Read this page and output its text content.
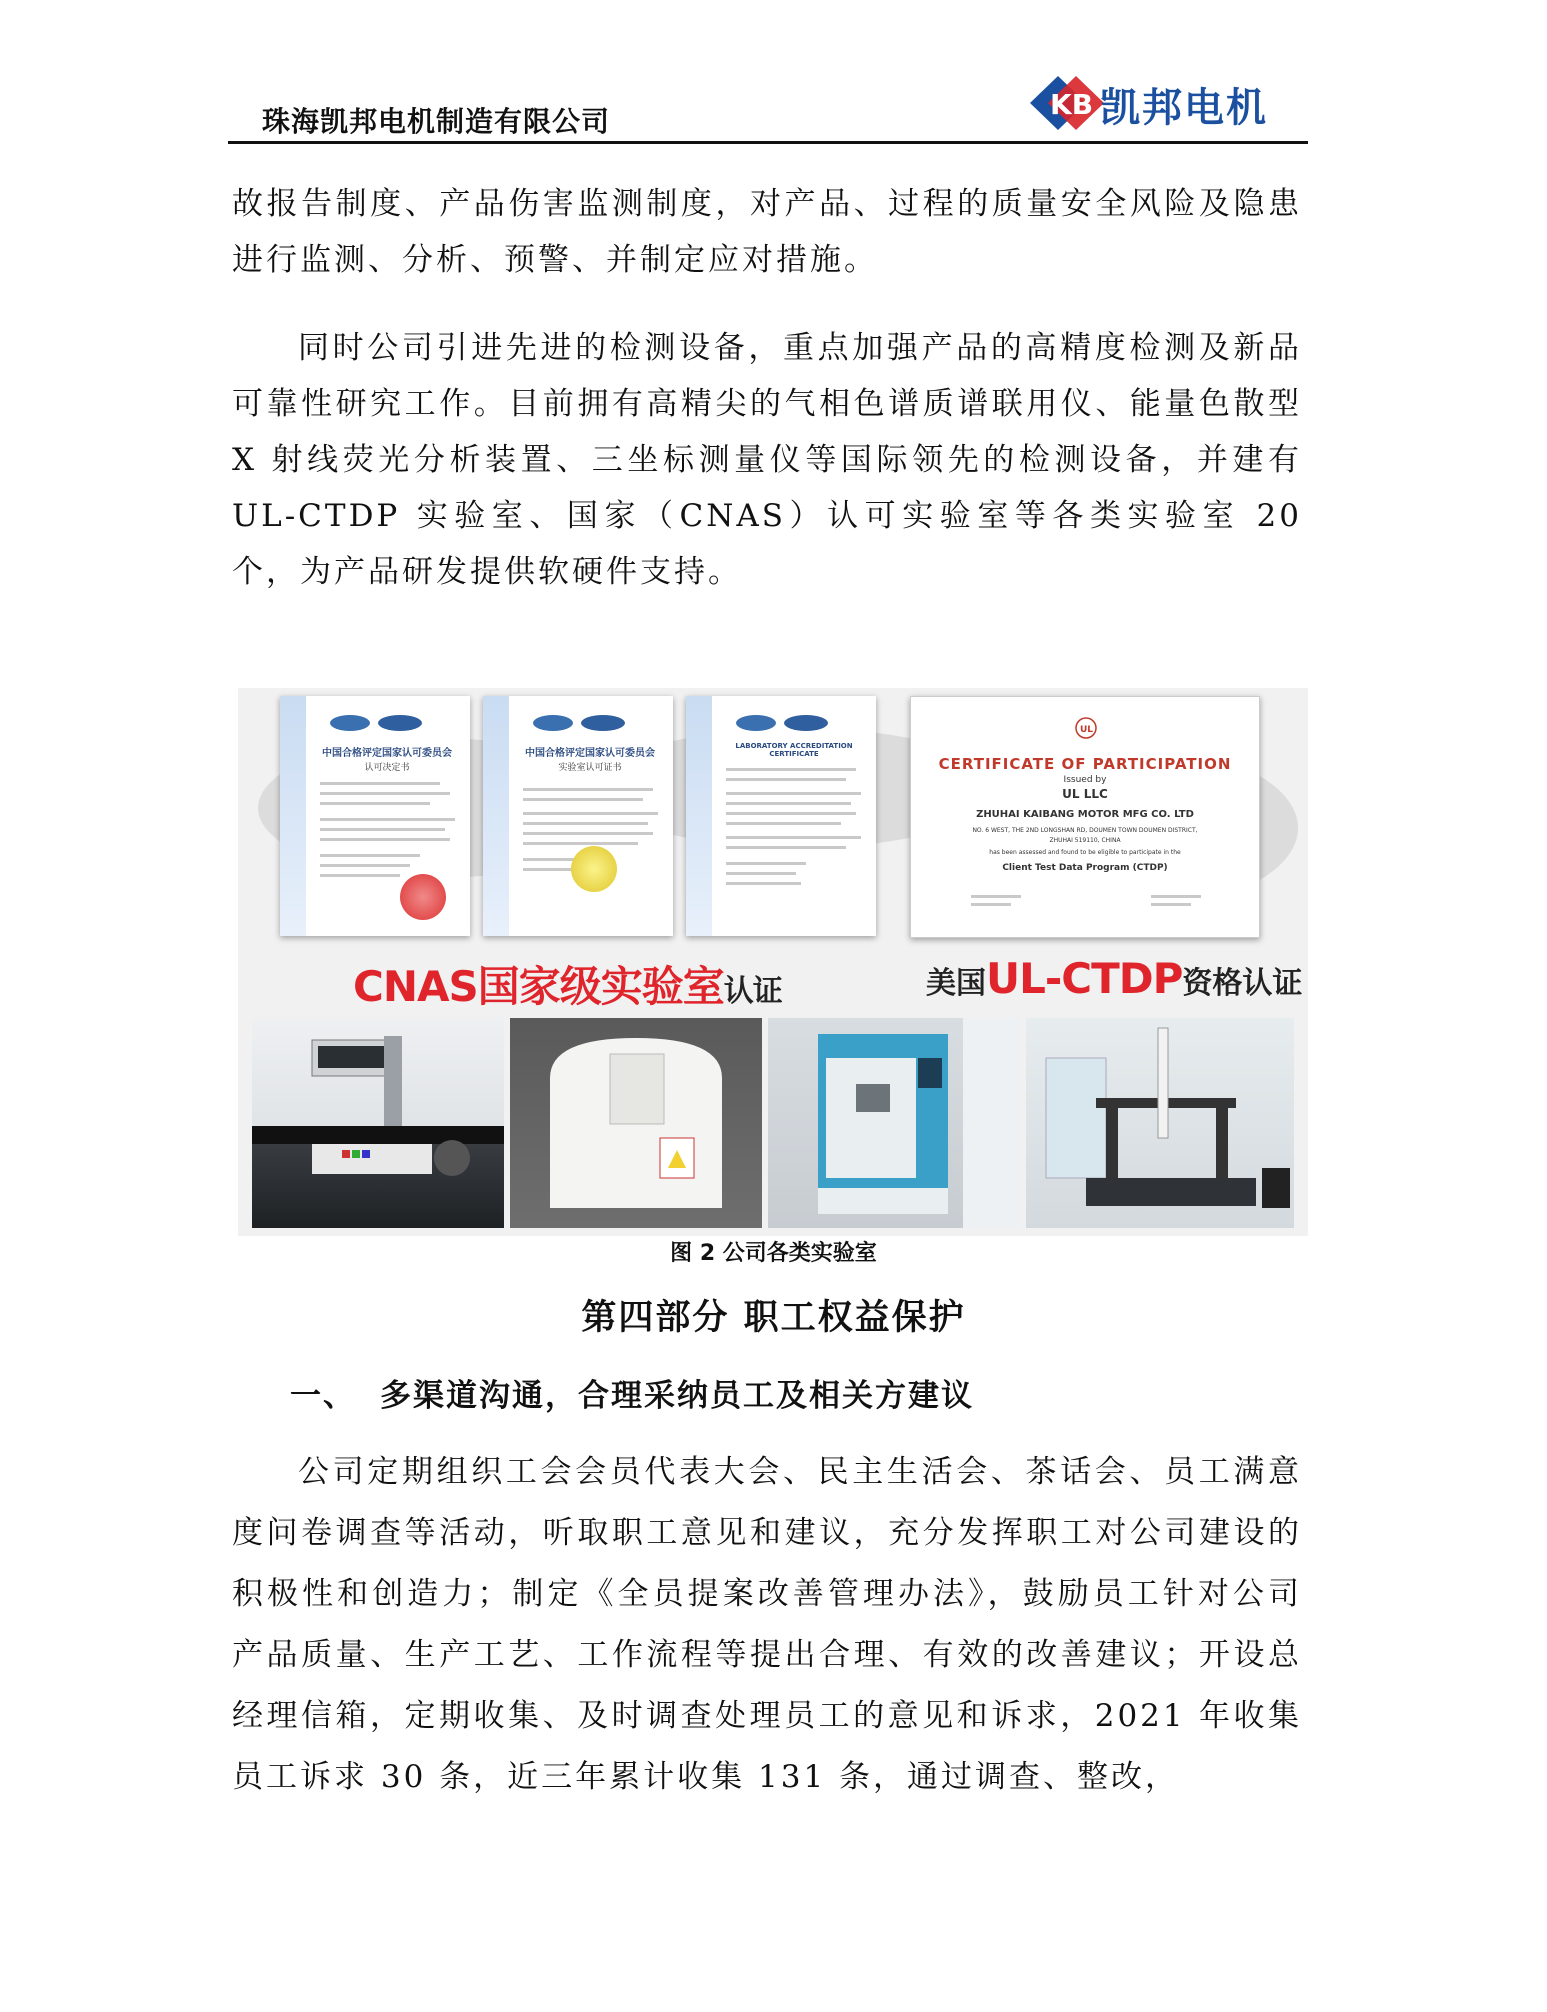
珠海凯邦电机制造有限公司
KB 凯邦电机
故报告制度、产品伤害监测制度，对产品、过程的质量安全风险及隐患进行监测、分析、预警、并制定应对措施。
同时公司引进先进的检测设备，重点加强产品的高精度检测及新品可靠性研究工作。目前拥有高精尖的气相色谱质谱联用仪、能量色散型 X 射线荧光分析装置、三坐标测量仪等国际领先的检测设备，并建有 UL-CTDP 实验室、国家（CNAS）认可实验室等各类实验室 20 个，为产品研发提供软硬件支持。
中国合格评定国家认可委员会
认可决定书
中国合格评定国家认可委员会
实验室认可证书
LABORATORY ACCREDITATION CERTIFICATE
UL
CERTIFICATE OF PARTICIPATION
Issued by
UL LLC
ZHUHAI KAIBANG MOTOR MFG CO. LTD
NO. 6 WEST, THE 2ND LONGSHAN RD, DOUMEN TOWN DOUMEN DISTRICT,
ZHUHAI 519110, CHINA
has been assessed and found to be eligible to participate in the
Client Test Data Program (CTDP)
CNAS国家级实验室认证	美国UL-CTDP资格认证
图 2 公司各类实验室
第四部分 职工权益保护
一、 多渠道沟通，合理采纳员工及相关方建议
公司定期组织工会会员代表大会、民主生活会、茶话会、员工满意度问卷调查等活动，听取职工意见和建议，充分发挥职工对公司建设的积极性和创造力；制定《全员提案改善管理办法》，鼓励员工针对公司产品质量、生产工艺、工作流程等提出合理、有效的改善建议；开设总经理信箱，定期收集、及时调查处理员工的意见和诉求，2021 年收集员工诉求 30 条，近三年累计收集 131 条，通过调查、整改，
